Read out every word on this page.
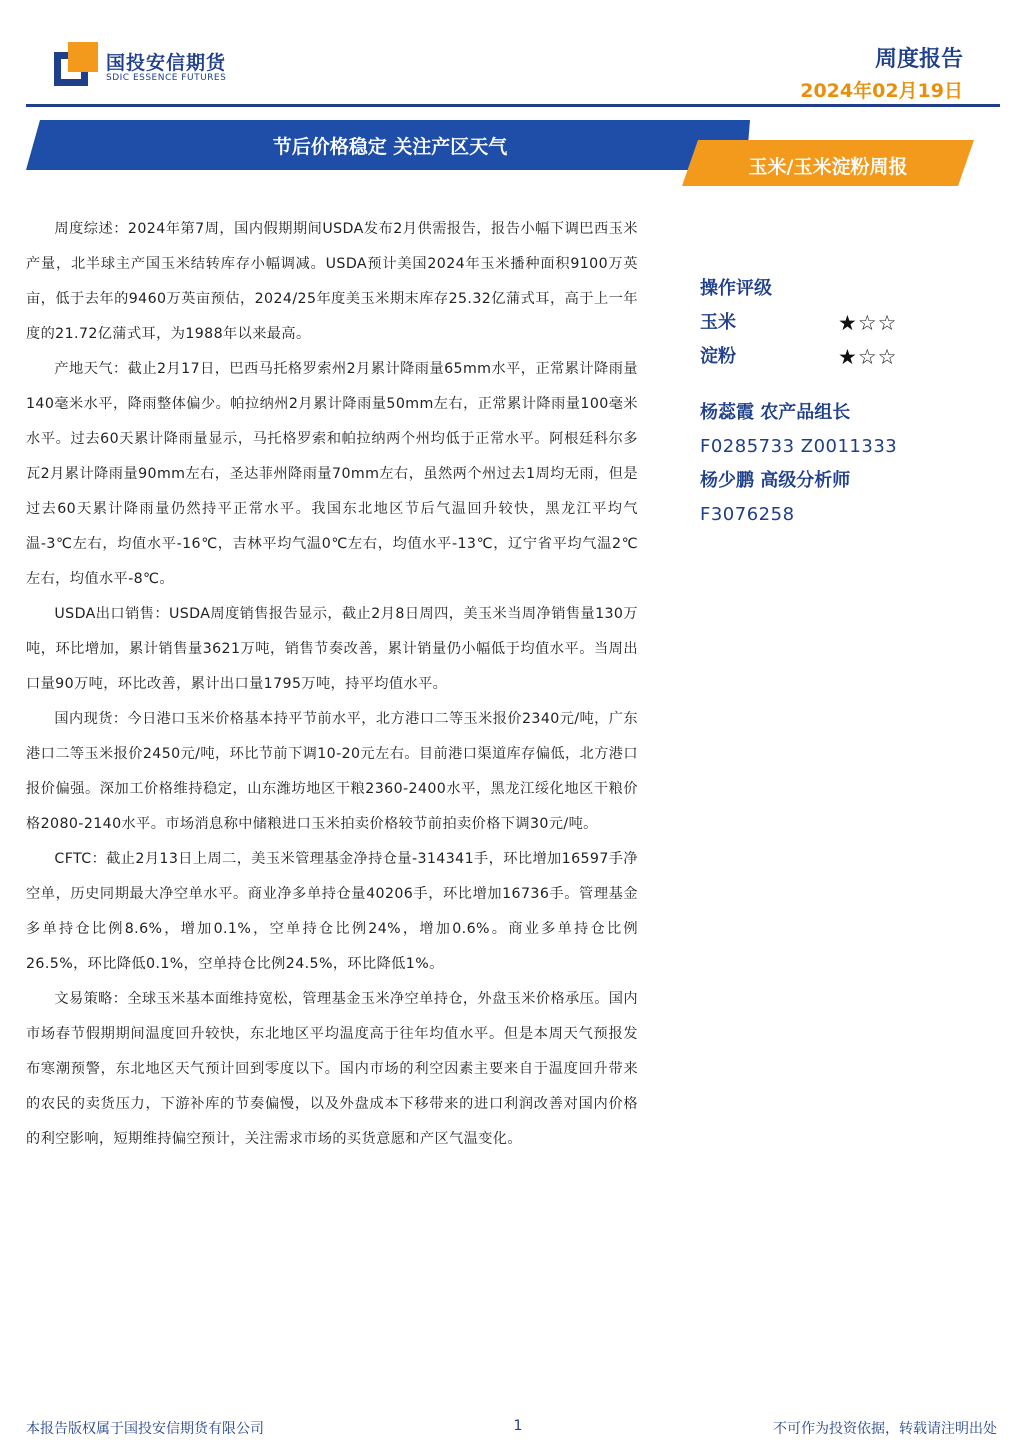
国投安信期货
SDIC ESSENCE FUTURES
周度报告
2024年02月19日
节后价格稳定 关注产区天气
玉米/玉米淀粉周报

周度综述：2024年第7周，国内假期期间USDA发布2月供需报告，报告小幅下调巴西玉米产量，北半球主产国玉米结转库存小幅调减。USDA预计美国2024年玉米播种面积9100万英亩，低于去年的9460万英亩预估，2024/25年度美玉米期末库存25.32亿蒲式耳，高于上一年度的21.72亿蒲式耳，为1988年以来最高。

产地天气：截止2月17日，巴西马托格罗索州2月累计降雨量65mm水平，正常累计降雨量140毫米水平，降雨整体偏少。帕拉纳州2月累计降雨量50mm左右，正常累计降雨量100毫米水平。过去60天累计降雨量显示，马托格罗索和帕拉纳两个州均低于正常水平。阿根廷科尔多瓦2月累计降雨量90mm左右，圣达菲州降雨量70mm左右，虽然两个州过去1周均无雨，但是过去60天累计降雨量仍然持平正常水平。我国东北地区节后气温回升较快，黑龙江平均气温-3℃左右，均值水平-16℃，吉林平均气温0℃左右，均值水平-13℃，辽宁省平均气温2℃左右，均值水平-8℃。

USDA出口销售：USDA周度销售报告显示，截止2月8日周四，美玉米当周净销售量130万吨，环比增加，累计销售量3621万吨，销售节奏改善，累计销量仍小幅低于均值水平。当周出口量90万吨，环比改善，累计出口量1795万吨，持平均值水平。

国内现货：今日港口玉米价格基本持平节前水平，北方港口二等玉米报价2340元/吨，广东港口二等玉米报价2450元/吨，环比节前下调10-20元左右。目前港口渠道库存偏低，北方港口报价偏强。深加工价格维持稳定，山东潍坊地区干粮2360-2400水平，黑龙江绥化地区干粮价格2080-2140水平。市场消息称中储粮进口玉米拍卖价格较节前拍卖价格下调30元/吨。

CFTC：截止2月13日上周二，美玉米管理基金净持仓量-314341手，环比增加16597手净空单，历史同期最大净空单水平。商业净多单持仓量40206手，环比增加16736手。管理基金多单持仓比例8.6%，增加0.1%，空单持仓比例24%，增加0.6%。商业多单持仓比例26.5%，环比降低0.1%，空单持仓比例24.5%，环比降低1%。

文易策略：全球玉米基本面维持宽松，管理基金玉米净空单持仓，外盘玉米价格承压。国内市场春节假期期间温度回升较快，东北地区平均温度高于往年均值水平。但是本周天气预报发布寒潮预警，东北地区天气预计回到零度以下。国内市场的利空因素主要来自于温度回升带来的农民的卖货压力，下游补库的节奏偏慢，以及外盘成本下移带来的进口利润改善对国内价格的利空影响，短期维持偏空预计，关注需求市场的买货意愿和产区气温变化。

操作评级
玉米	★☆☆
淀粉	★☆☆
杨蕊霞 农产品组长
F0285733 Z0011333
杨少鹏 高级分析师
F3076258
本报告版权属于国投安信期货有限公司	1	不可作为投资依据，转载请注明出处
